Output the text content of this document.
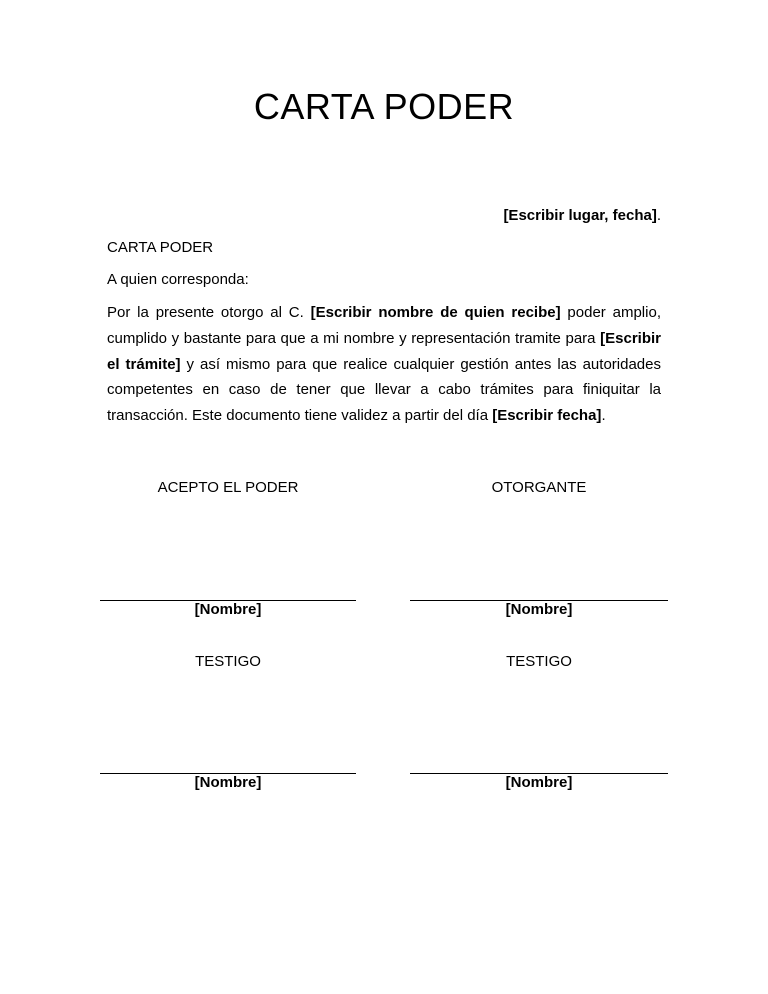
CARTA PODER
[Escribir lugar, fecha].
CARTA PODER
A quien corresponda:

Por la presente otorgo al C. [Escribir nombre de quien recibe] poder amplio, cumplido y bastante para que a mi nombre y representación tramite para [Escribir el trámite] y así mismo para que realice cualquier gestión antes las autoridades competentes en caso de tener que llevar a cabo trámites para finiquitar la transacción. Este documento tiene validez a partir del día [Escribir fecha].

ACEPTO EL PODER	OTORGANTE
[Nombre]	[Nombre]
TESTIGO	TESTIGO
[Nombre]	[Nombre]
